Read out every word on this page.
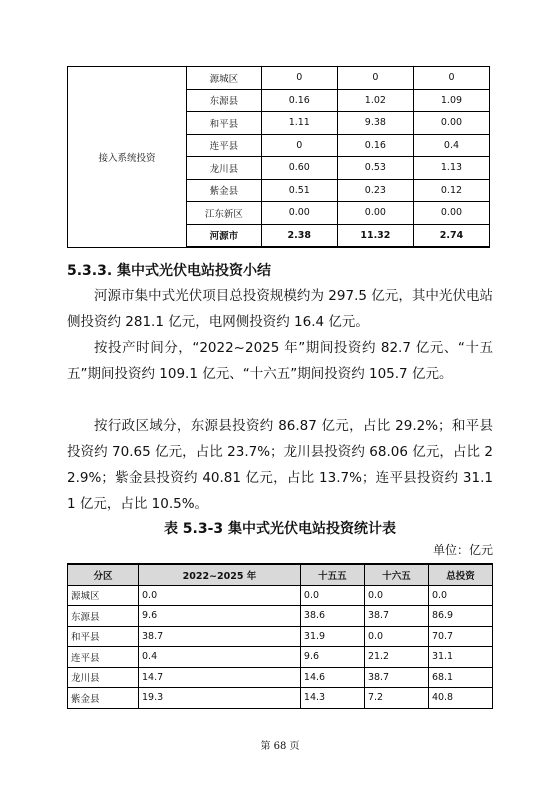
接入系统投资	源城区	0	0	0
	东源县	0.16	1.02	1.09
	和平县	1.11	9.38	0.00
	连平县	0	0.16	0.4
	龙川县	0.60	0.53	1.13
	紫金县	0.51	0.23	0.12
	江东新区	0.00	0.00	0.00
	河源市	2.38	11.32	2.74
5.3.3. 集中式光伏电站投资小结

河源市集中式光伏项目总投资规模约为 297.5 亿元，其中光伏电站侧投资约 281.1 亿元，电网侧投资约 16.4 亿元。

按投产时间分，“2022~2025 年”期间投资约 82.7 亿元、“十五五”期间投资约 109.1 亿元、“十六五”期间投资约 105.7 亿元。

按行政区域分，东源县投资约 86.87 亿元，占比 29.2%；和平县投资约 70.65 亿元，占比 23.7%；龙川县投资约 68.06 亿元，占比 22.9%；紫金县投资约 40.81 亿元，占比 13.7%；连平县投资约 31.11 亿元，占比 10.5%。

表 5.3-3 集中式光伏电站投资统计表
单位：亿元
分区	2022~2025 年	十五五	十六五	总投资
源城区	0.0	0.0	0.0	0.0
东源县	9.6	38.6	38.7	86.9
和平县	38.7	31.9	0.0	70.7
连平县	0.4	9.6	21.2	31.1
龙川县	14.7	14.6	38.7	68.1
紫金县	19.3	14.3	7.2	40.8
第 68 页
